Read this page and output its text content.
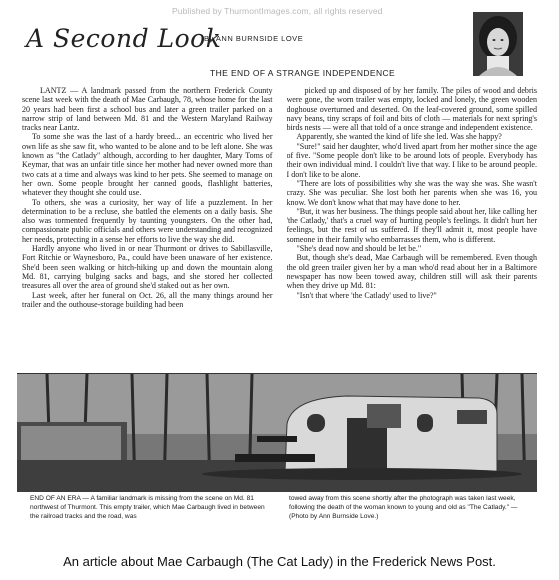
Published by ThurmontImages.com, all rights reserved
A Second Look
By ANN BURNSIDE LOVE
THE END OF A STRANGE INDEPENDENCE

LANTZ — A landmark passed from the northern Frederick County scene last week with the death of Mae Carbaugh, 78, whose home for the last 20 years had been first a school bus and later a green trailer parked on a narrow strip of land between Md. 81 and the Western Maryland Railway tracks near Lantz.

To some she was the last of a hardy breed... an eccentric who lived her own life as she saw fit, who wanted to be alone and to be left alone. She was known as "the Catlady" although, according to her daughter, Mary Toms of Keymar, that was an unfair title since her mother had never owned more than two cats at a time and always was kind to her pets. She seemed to manage on her own. Some people brought her canned goods, flashlight batteries, whatever they thought she could use.

To others, she was a curiosity, her way of life a puzzlement. In her determination to be a recluse, she battled the elements on a daily basis. She also was tormented frequently by taunting youngsters. On the other had, compassionate public officials and others were understanding and recognized her needs, protecting in a sense her efforts to live the way she did.

Hardly anyone who lived in or near Thurmont or drives to Sabillasville, Fort Ritchie or Waynesboro, Pa., could have been unaware of her existence. She'd been seen walking or hitch-hiking up and down the mountain along Md. 81, carrying bulging sacks and bags, and she stored her collected treasures all over the area of ground she'd staked out as her own.

Last week, after her funeral on Oct. 26, all the many things around her trailer and the outhouse-storage building had been

picked up and disposed of by her family. The piles of wood and debris were gone, the worn trailer was empty, locked and lonely, the green wooden doghouse overturned and deserted. On the leaf-covered ground, some spilled navy beans, tiny scraps of foil and bits of cloth — materials for next spring's birds nests — were all that told of a once strange and independent existence.

Apparently, she wanted the kind of life she led. Was she happy?

"Sure!" said her daughter, who'd lived apart from her mother since the age of five. "Some people don't like to be around lots of people. Everybody has their own individual mind. I couldn't live that way. I like to be around people. I don't like to be alone.

"There are lots of possibilities why she was the way she was. She wasn't crazy. She was peculiar. She lost both her parents when she was 16, you know. We don't know what that may have done to her.

"But, it was her business. The things people said about her, like calling her 'the Catlady,' that's a cruel way of hurting people's feelings. It didn't hurt her feelings, but the rest of us suffered. If they'll admit it, most people have someone in their family who embarrasses them, who is different.

"She's dead now and should be let be."

But, though she's dead, Mae Carbaugh will be remembered. Even though the old green trailer given her by a man who'd read about her in a Baltimore newspaper has now been towed away, children still will ask their parents when they drive up Md. 81:

"Isn't that where 'the Catlady' used to live?"

END OF AN ERA — A familiar landmark is missing from the scene on Md. 81 northwest of Thurmont. This empty trailer, which Mae Carbaugh lived in between the railroad tracks and the road, was
towed away from this scene shortly after the photograph was taken last week, following the death of the woman known to young and old as "The Catlady." — (Photo by Ann Burnside Love.)
An article about Mae Carbaugh (The Cat Lady) in the Frederick News Post.
